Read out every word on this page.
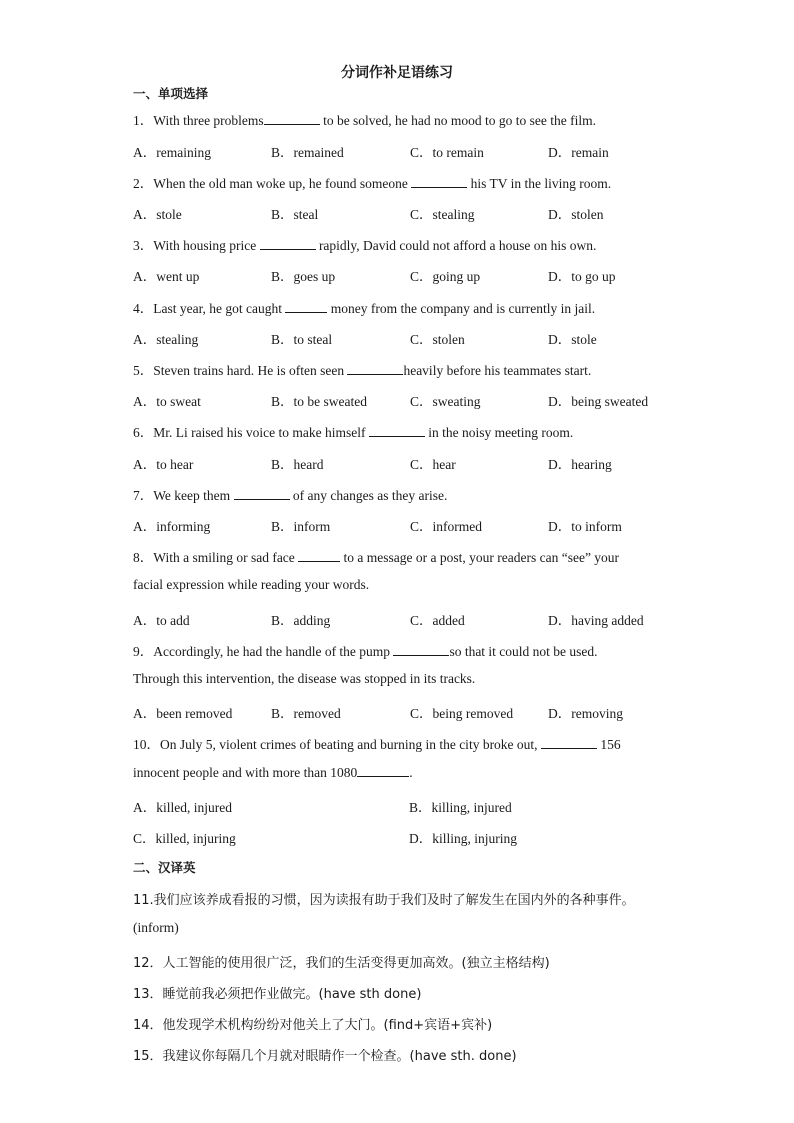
分词作补足语练习
一、单项选择
1．With three problems	to be solved, he had no mood to go to see the film.
A．remaining	B．remained	C．to remain	D．remain
2．When the old man woke up, he found someone	his TV in the living room.
A．stole	B．steal	C．stealing	D．stolen
3．With housing price	rapidly, David could not afford a house on his own.
A．went up	B．goes up	C．going up	D．to go up
4．Last year, he got caught	money from the company and is currently in jail.
A．stealing	B．to steal	C．stolen	D．stole
5．Steven trains hard. He is often seen	heavily before his teammates start.
A．to sweat	B．to be sweated	C．sweating	D．being sweated
6．Mr. Li raised his voice to make himself	in the noisy meeting room.
A．to hear	B．heard	C．hear	D．hearing
7．We keep them	of any changes as they arise.
A．informing	B．inform	C．informed	D．to inform
8．With a smiling or sad face	to a message or a post, your readers can “see” your
facial expression while reading your words.
A．to add	B．adding	C．added	D．having added
9．Accordingly, he had the handle of the pump	so that it could not be used.
Through this intervention, the disease was stopped in its tracks.
A．been removed	B．removed	C．being removed	D．removing
10．On July 5, violent crimes of beating and burning in the city broke out,	156
innocent people and with more than 1080	.
A．killed, injured	B．killing, injured
C．killed, injuring	D．killing, injuring
二、汉译英
11.我们应该养成看报的习惯，因为读报有助于我们及时了解发生在国内外的各种事件。
(inform)
12．人工智能的使用很广泛，我们的生活变得更加高效。(独立主格结构)
13．睡觉前我必须把作业做完。(have sth done)
14．他发现学术机构纷纷对他关上了大门。(find+宾语+宾补)
15．我建议你每隔几个月就对眼睛作一个检查。(have sth. done)
